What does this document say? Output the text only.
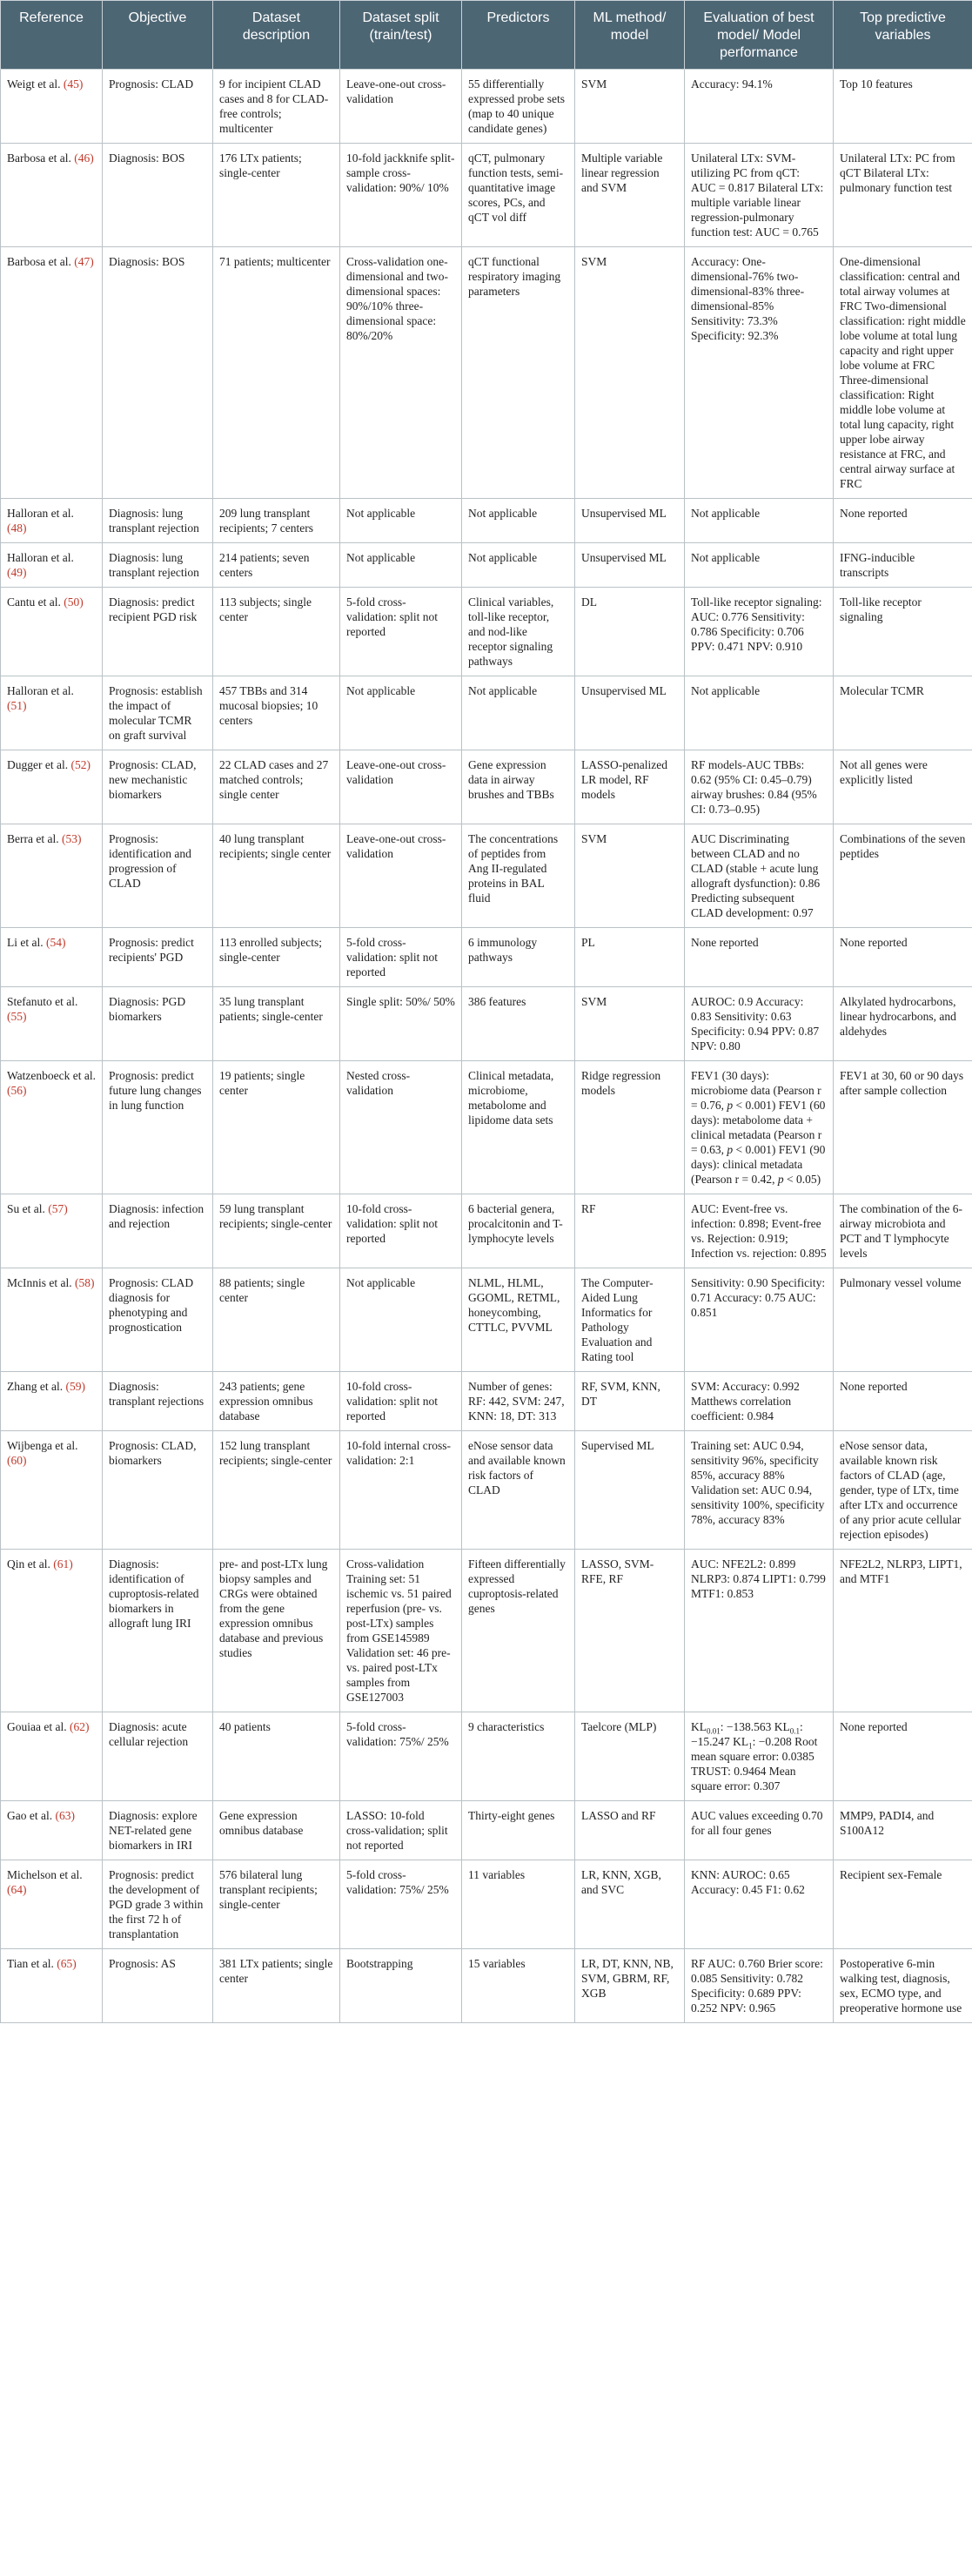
Reference	Objective	Dataset description	Dataset split (train/test)	Predictors	ML method/ model	Evaluation of best model/ Model performance	Top predictive variables
Weigt et al. (45)	Prognosis: CLAD	9 for incipient CLAD cases and 8 for CLAD-free controls; multicenter	Leave-one-out cross-validation	55 differentially expressed probe sets (map to 40 unique candidate genes)	SVM	Accuracy: 94.1%	Top 10 features
Barbosa et al. (46)	Diagnosis: BOS	176 LTx patients; single-center	10-fold jackknife split-sample cross-validation: 90%/ 10%	qCT, pulmonary function tests, semi-quantitative image scores, PCs, and qCT vol diff	Multiple variable linear regression and SVM	Unilateral LTx: SVM-utilizing PC from qCT: AUC = 0.817 Bilateral LTx: multiple variable linear regression-pulmonary function test: AUC = 0.765	Unilateral LTx: PC from qCT Bilateral LTx: pulmonary function test
Barbosa et al. (47)	Diagnosis: BOS	71 patients; multicenter	Cross-validation one-dimensional and two-dimensional spaces: 90%/10% three-dimensional space: 80%/20%	qCT functional respiratory imaging parameters	SVM	Accuracy: One-dimensional-76% two-dimensional-83% three-dimensional-85% Sensitivity: 73.3% Specificity: 92.3%	One-dimensional classification: central and total airway volumes at FRC Two-dimensional classification: right middle lobe volume at total lung capacity and right upper lobe volume at FRC Three-dimensional classification: Right middle lobe volume at total lung capacity, right upper lobe airway resistance at FRC, and central airway surface at FRC
Halloran et al. (48)	Diagnosis: lung transplant rejection	209 lung transplant recipients; 7 centers	Not applicable	Not applicable	Unsupervised ML	Not applicable	None reported
Halloran et al. (49)	Diagnosis: lung transplant rejection	214 patients; seven centers	Not applicable	Not applicable	Unsupervised ML	Not applicable	IFNG-inducible transcripts
Cantu et al. (50)	Diagnosis: predict recipient PGD risk	113 subjects; single center	5-fold cross-validation: split not reported	Clinical variables, toll-like receptor, and nod-like receptor signaling pathways	DL	Toll-like receptor signaling: AUC: 0.776 Sensitivity: 0.786 Specificity: 0.706 PPV: 0.471 NPV: 0.910	Toll-like receptor signaling
Halloran et al. (51)	Prognosis: establish the impact of molecular TCMR on graft survival	457 TBBs and 314 mucosal biopsies; 10 centers	Not applicable	Not applicable	Unsupervised ML	Not applicable	Molecular TCMR
Dugger et al. (52)	Prognosis: CLAD, new mechanistic biomarkers	22 CLAD cases and 27 matched controls; single center	Leave-one-out cross-validation	Gene expression data in airway brushes and TBBs	LASSO-penalized LR model, RF models	RF models-AUC TBBs: 0.62 (95% CI: 0.45–0.79) airway brushes: 0.84 (95% CI: 0.73–0.95)	Not all genes were explicitly listed
Berra et al. (53)	Prognosis: identification and progression of CLAD	40 lung transplant recipients; single center	Leave-one-out cross-validation	The concentrations of peptides from Ang II-regulated proteins in BAL fluid	SVM	AUC Discriminating between CLAD and no CLAD (stable + acute lung allograft dysfunction): 0.86 Predicting subsequent CLAD development: 0.97	Combinations of the seven peptides
Li et al. (54)	Prognosis: predict recipients' PGD	113 enrolled subjects; single-center	5-fold cross-validation: split not reported	6 immunology pathways	PL	None reported	None reported
Stefanuto et al. (55)	Diagnosis: PGD biomarkers	35 lung transplant patients; single-center	Single split: 50%/ 50%	386 features	SVM	AUROC: 0.9 Accuracy: 0.83 Sensitivity: 0.63 Specificity: 0.94 PPV: 0.87 NPV: 0.80	Alkylated hydrocarbons, linear hydrocarbons, and aldehydes
Watzenboeck et al. (56)	Prognosis: predict future lung changes in lung function	19 patients; single center	Nested cross-validation	Clinical metadata, microbiome, metabolome and lipidome data sets	Ridge regression models	FEV1 (30 days): microbiome data (Pearson r = 0.76, p < 0.001) FEV1 (60 days): metabolome data + clinical metadata (Pearson r = 0.63, p < 0.001) FEV1 (90 days): clinical metadata (Pearson r = 0.42, p < 0.05)	FEV1 at 30, 60 or 90 days after sample collection
Su et al. (57)	Diagnosis: infection and rejection	59 lung transplant recipients; single-center	10-fold cross-validation: split not reported	6 bacterial genera, procalcitonin and T-lymphocyte levels	RF	AUC: Event-free vs. infection: 0.898; Event-free vs. Rejection: 0.919; Infection vs. rejection: 0.895	The combination of the 6-airway microbiota and PCT and T lymphocyte levels
McInnis et al. (58)	Prognosis: CLAD diagnosis for phenotyping and prognostication	88 patients; single center	Not applicable	NLML, HLML, GGOML, RETML, honeycombing, CTTLC, PVVML	The Computer-Aided Lung Informatics for Pathology Evaluation and Rating tool	Sensitivity: 0.90 Specificity: 0.71 Accuracy: 0.75 AUC: 0.851	Pulmonary vessel volume
Zhang et al. (59)	Diagnosis: transplant rejections	243 patients; gene expression omnibus database	10-fold cross-validation: split not reported	Number of genes: RF: 442, SVM: 247, KNN: 18, DT: 313	RF, SVM, KNN, DT	SVM: Accuracy: 0.992 Matthews correlation coefficient: 0.984	None reported
Wijbenga et al. (60)	Prognosis: CLAD, biomarkers	152 lung transplant recipients; single-center	10-fold internal cross-validation: 2:1	eNose sensor data and available known risk factors of CLAD	Supervised ML	Training set: AUC 0.94, sensitivity 96%, specificity 85%, accuracy 88% Validation set: AUC 0.94, sensitivity 100%, specificity 78%, accuracy 83%	eNose sensor data, available known risk factors of CLAD (age, gender, type of LTx, time after LTx and occurrence of any prior acute cellular rejection episodes)
Qin et al. (61)	Diagnosis: identification of cuproptosis-related biomarkers in allograft lung IRI	pre- and post-LTx lung biopsy samples and CRGs were obtained from the gene expression omnibus database and previous studies	Cross-validation Training set: 51 ischemic vs. 51 paired reperfusion (pre- vs. post-LTx) samples from GSE145989 Validation set: 46 pre- vs. paired post-LTx samples from GSE127003	Fifteen differentially expressed cuproptosis-related genes	LASSO, SVM-RFE, RF	AUC: NFE2L2: 0.899 NLRP3: 0.874 LIPT1: 0.799 MTF1: 0.853	NFE2L2, NLRP3, LIPT1, and MTF1
Gouiaa et al. (62)	Diagnosis: acute cellular rejection	40 patients	5-fold cross-validation: 75%/ 25%	9 characteristics	Taelcore (MLP)	$KL_{0.01}$: −138.563 $KL_{0.1}$: −15.247 $KL_1$: −0.208 Root mean square error: 0.0385 TRUST: 0.9464 Mean square error: 0.307	None reported
Gao et al. (63)	Diagnosis: explore NET-related gene biomarkers in IRI	Gene expression omnibus database	LASSO: 10-fold cross-validation; split not reported	Thirty-eight genes	LASSO and RF	AUC values exceeding 0.70 for all four genes	MMP9, PADI4, and S100A12
Michelson et al. (64)	Prognosis: predict the development of PGD grade 3 within the first 72 h of transplantation	576 bilateral lung transplant recipients; single-center	5-fold cross-validation: 75%/ 25%	11 variables	LR, KNN, XGB, and SVC	KNN: AUROC: 0.65 Accuracy: 0.45 F1: 0.62	Recipient sex-Female
Tian et al. (65)	Prognosis: AS	381 LTx patients; single center	Bootstrapping	15 variables	LR, DT, KNN, NB, SVM, GBRM, RF, XGB	RF AUC: 0.760 Brier score: 0.085 Sensitivity: 0.782 Specificity: 0.689 PPV: 0.252 NPV: 0.965	Postoperative 6-min walking test, diagnosis, sex, ECMO type, and preoperative hormone use
